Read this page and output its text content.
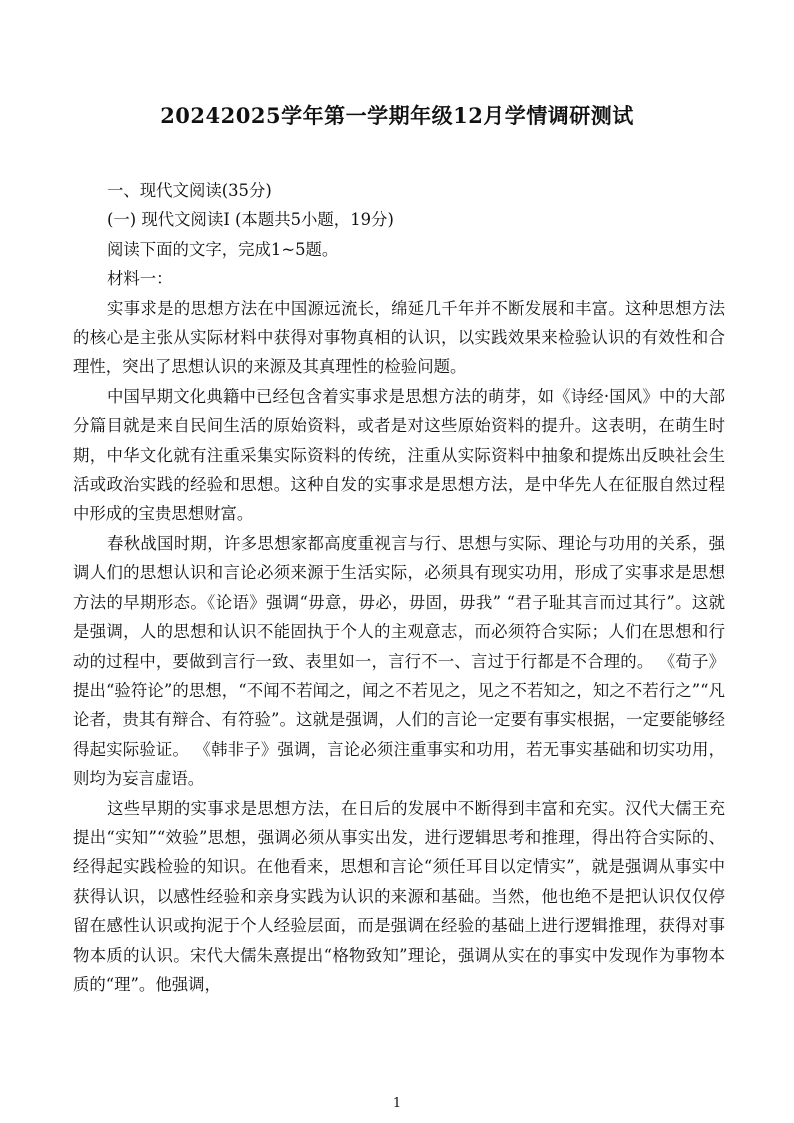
20242025学年第一学期年级12月学情调研测试

一、现代文阅读(35分)

(一) 现代文阅读I (本题共5小题，19分)

阅读下面的文字，完成1~5题。

材料一：

实事求是的思想方法在中国源远流长，绵延几千年并不断发展和丰富。这种思想方法的核心是主张从实际材料中获得对事物真相的认识，以实践效果来检验认识的有效性和合理性，突出了思想认识的来源及其真理性的检验问题。

中国早期文化典籍中已经包含着实事求是思想方法的萌芽，如《诗经·国风》中的大部分篇目就是来自民间生活的原始资料，或者是对这些原始资料的提升。这表明，在萌生时期，中华文化就有注重采集实际资料的传统，注重从实际资料中抽象和提炼出反映社会生活或政治实践的经验和思想。这种自发的实事求是思想方法，是中华先人在征服自然过程中形成的宝贵思想财富。

春秋战国时期，许多思想家都高度重视言与行、思想与实际、理论与功用的关系，强调人们的思想认识和言论必须来源于生活实际，必须具有现实功用，形成了实事求是思想方法的早期形态。《论语》强调“毋意，毋必，毋固，毋我” “君子耻其言而过其行”。这就是强调，人的思想和认识不能固执于个人的主观意志，而必须符合实际；人们在思想和行动的过程中，要做到言行一致、表里如一，言行不一、言过于行都是不合理的。 《荀子》提出“验符论”的思想，“不闻不若闻之，闻之不若见之，见之不若知之，知之不若行之”“凡论者，贵其有辩合、有符验”。这就是强调，人们的言论一定要有事实根据，一定要能够经得起实际验证。 《韩非子》强调，言论必须注重事实和功用，若无事实基础和切实功用，则均为妄言虚语。

这些早期的实事求是思想方法，在日后的发展中不断得到丰富和充实。汉代大儒王充提出“实知”“效验”思想，强调必须从事实出发，进行逻辑思考和推理，得出符合实际的、经得起实践检验的知识。在他看来，思想和言论“须任耳目以定情实”，就是强调从事实中获得认识，以感性经验和亲身实践为认识的来源和基础。当然，他也绝不是把认识仅仅停留在感性认识或拘泥于个人经验层面，而是强调在经验的基础上进行逻辑推理，获得对事物本质的认识。宋代大儒朱熹提出“格物致知”理论，强调从实在的事实中发现作为事物本质的“理”。他强调，

1
